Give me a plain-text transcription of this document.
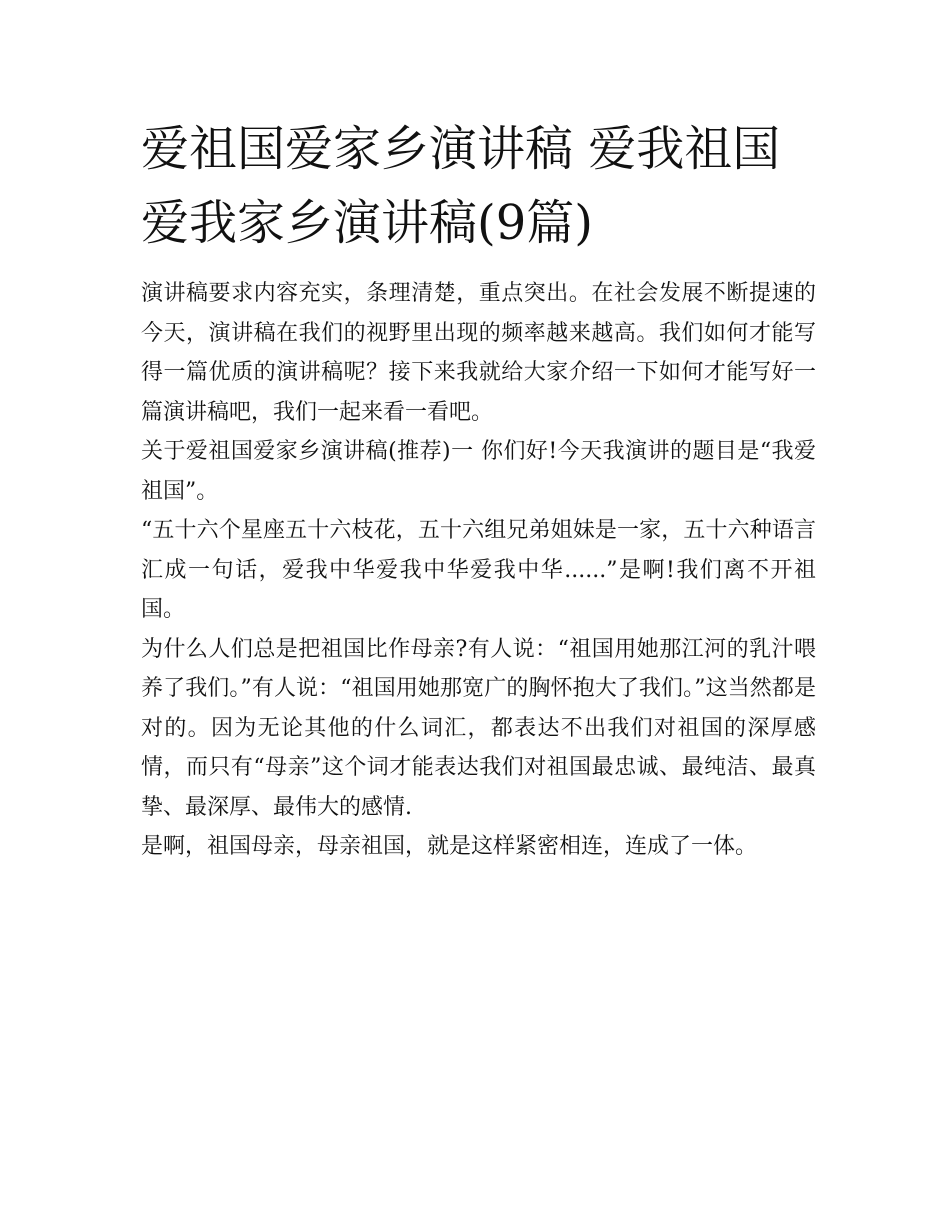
爱祖国爱家乡演讲稿 爱我祖国爱我家乡演讲稿(9篇)

演讲稿要求内容充实，条理清楚，重点突出。在社会发展不断提速的今天，演讲稿在我们的视野里出现的频率越来越高。我们如何才能写得一篇优质的演讲稿呢？接下来我就给大家介绍一下如何才能写好一篇演讲稿吧，我们一起来看一看吧。

关于爱祖国爱家乡演讲稿(推荐)一 你们好!今天我演讲的题目是“我爱祖国”。

“五十六个星座五十六枝花，五十六组兄弟姐妹是一家，五十六种语言汇成一句话，爱我中华爱我中华爱我中华......”是啊!我们离不开祖国。

为什么人们总是把祖国比作母亲?有人说：“祖国用她那江河的乳汁喂养了我们。”有人说：“祖国用她那宽广的胸怀抱大了我们。”这当然都是对的。因为无论其他的什么词汇，都表达不出我们对祖国的深厚感情，而只有“母亲”这个词才能表达我们对祖国最忠诚、最纯洁、最真挚、最深厚、最伟大的感情.

是啊，祖国母亲，母亲祖国，就是这样紧密相连，连成了一体。
